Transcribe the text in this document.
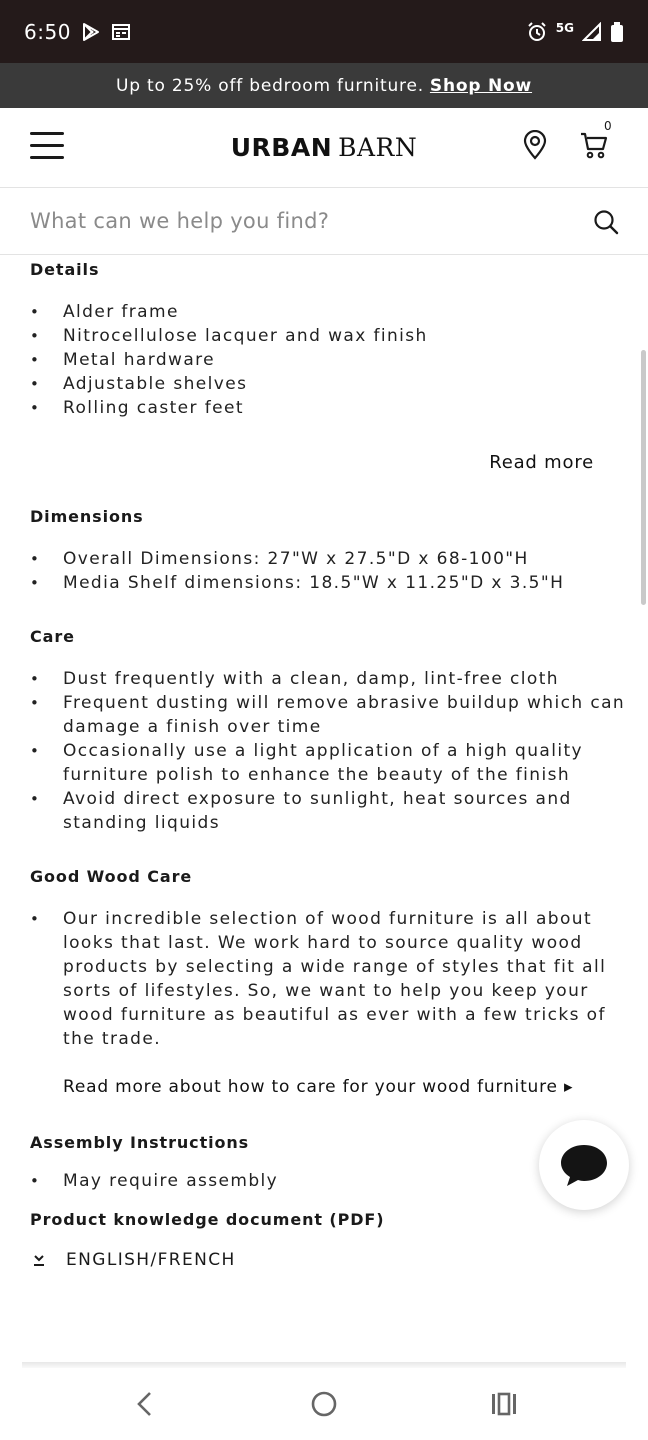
6:50	5G
Up to 25% off bedroom furniture. Shop Now
URBAN BARN
0
What can we help you find?
Details
• Alder frame
• Nitrocellulose lacquer and wax finish
• Metal hardware
• Adjustable shelves
• Rolling caster feet
Read more
Dimensions
• Overall Dimensions: 27"W x 27.5"D x 68-100"H
• Media Shelf dimensions: 18.5"W x 11.25"D x 3.5"H
Care
• Dust frequently with a clean, damp, lint-free cloth
• Frequent dusting will remove abrasive buildup which can damage a finish over time
• Occasionally use a light application of a high quality furniture polish to enhance the beauty of the finish
• Avoid direct exposure to sunlight, heat sources and standing liquids
Good Wood Care
• Our incredible selection of wood furniture is all about looks that last. We work hard to source quality wood products by selecting a wide range of styles that fit all sorts of lifestyles. So, we want to help you keep your wood furniture as beautiful as ever with a few tricks of the trade.
Read more about how to care for your wood furniture ▸
Assembly Instructions
• May require assembly
Product knowledge document (PDF)
ENGLISH/FRENCH
